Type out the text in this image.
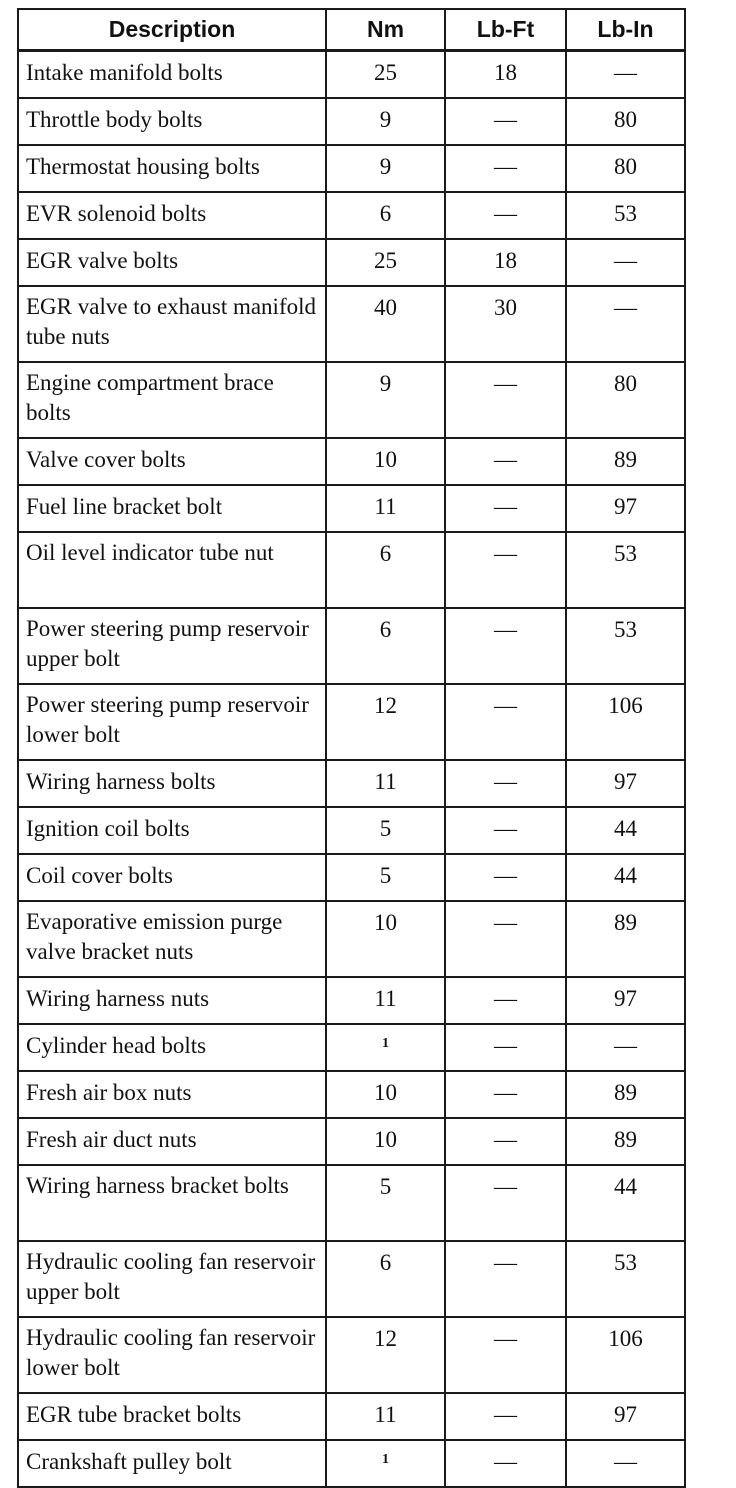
Description	Nm	Lb-Ft	Lb-In
Intake manifold bolts	25	18	—
Throttle body bolts	9	—	80
Thermostat housing bolts	9	—	80
EVR solenoid bolts	6	—	53
EGR valve bolts	25	18	—
EGR valve to exhaust manifold tube nuts	40	30	—
Engine compartment brace bolts	9	—	80
Valve cover bolts	10	—	89
Fuel line bracket bolt	11	—	97
Oil level indicator tube nut	6	—	53
Power steering pump reservoir upper bolt	6	—	53
Power steering pump reservoir lower bolt	12	—	106
Wiring harness bolts	11	—	97
Ignition coil bolts	5	—	44
Coil cover bolts	5	—	44
Evaporative emission purge valve bracket nuts	10	—	89
Wiring harness nuts	11	—	97
Cylinder head bolts	$^1$	—	—
Fresh air box nuts	10	—	89
Fresh air duct nuts	10	—	89
Wiring harness bracket bolts	5	—	44
Hydraulic cooling fan reservoir upper bolt	6	—	53
Hydraulic cooling fan reservoir lower bolt	12	—	106
EGR tube bracket bolts	11	—	97
Crankshaft pulley bolt	$^1$	—	—
